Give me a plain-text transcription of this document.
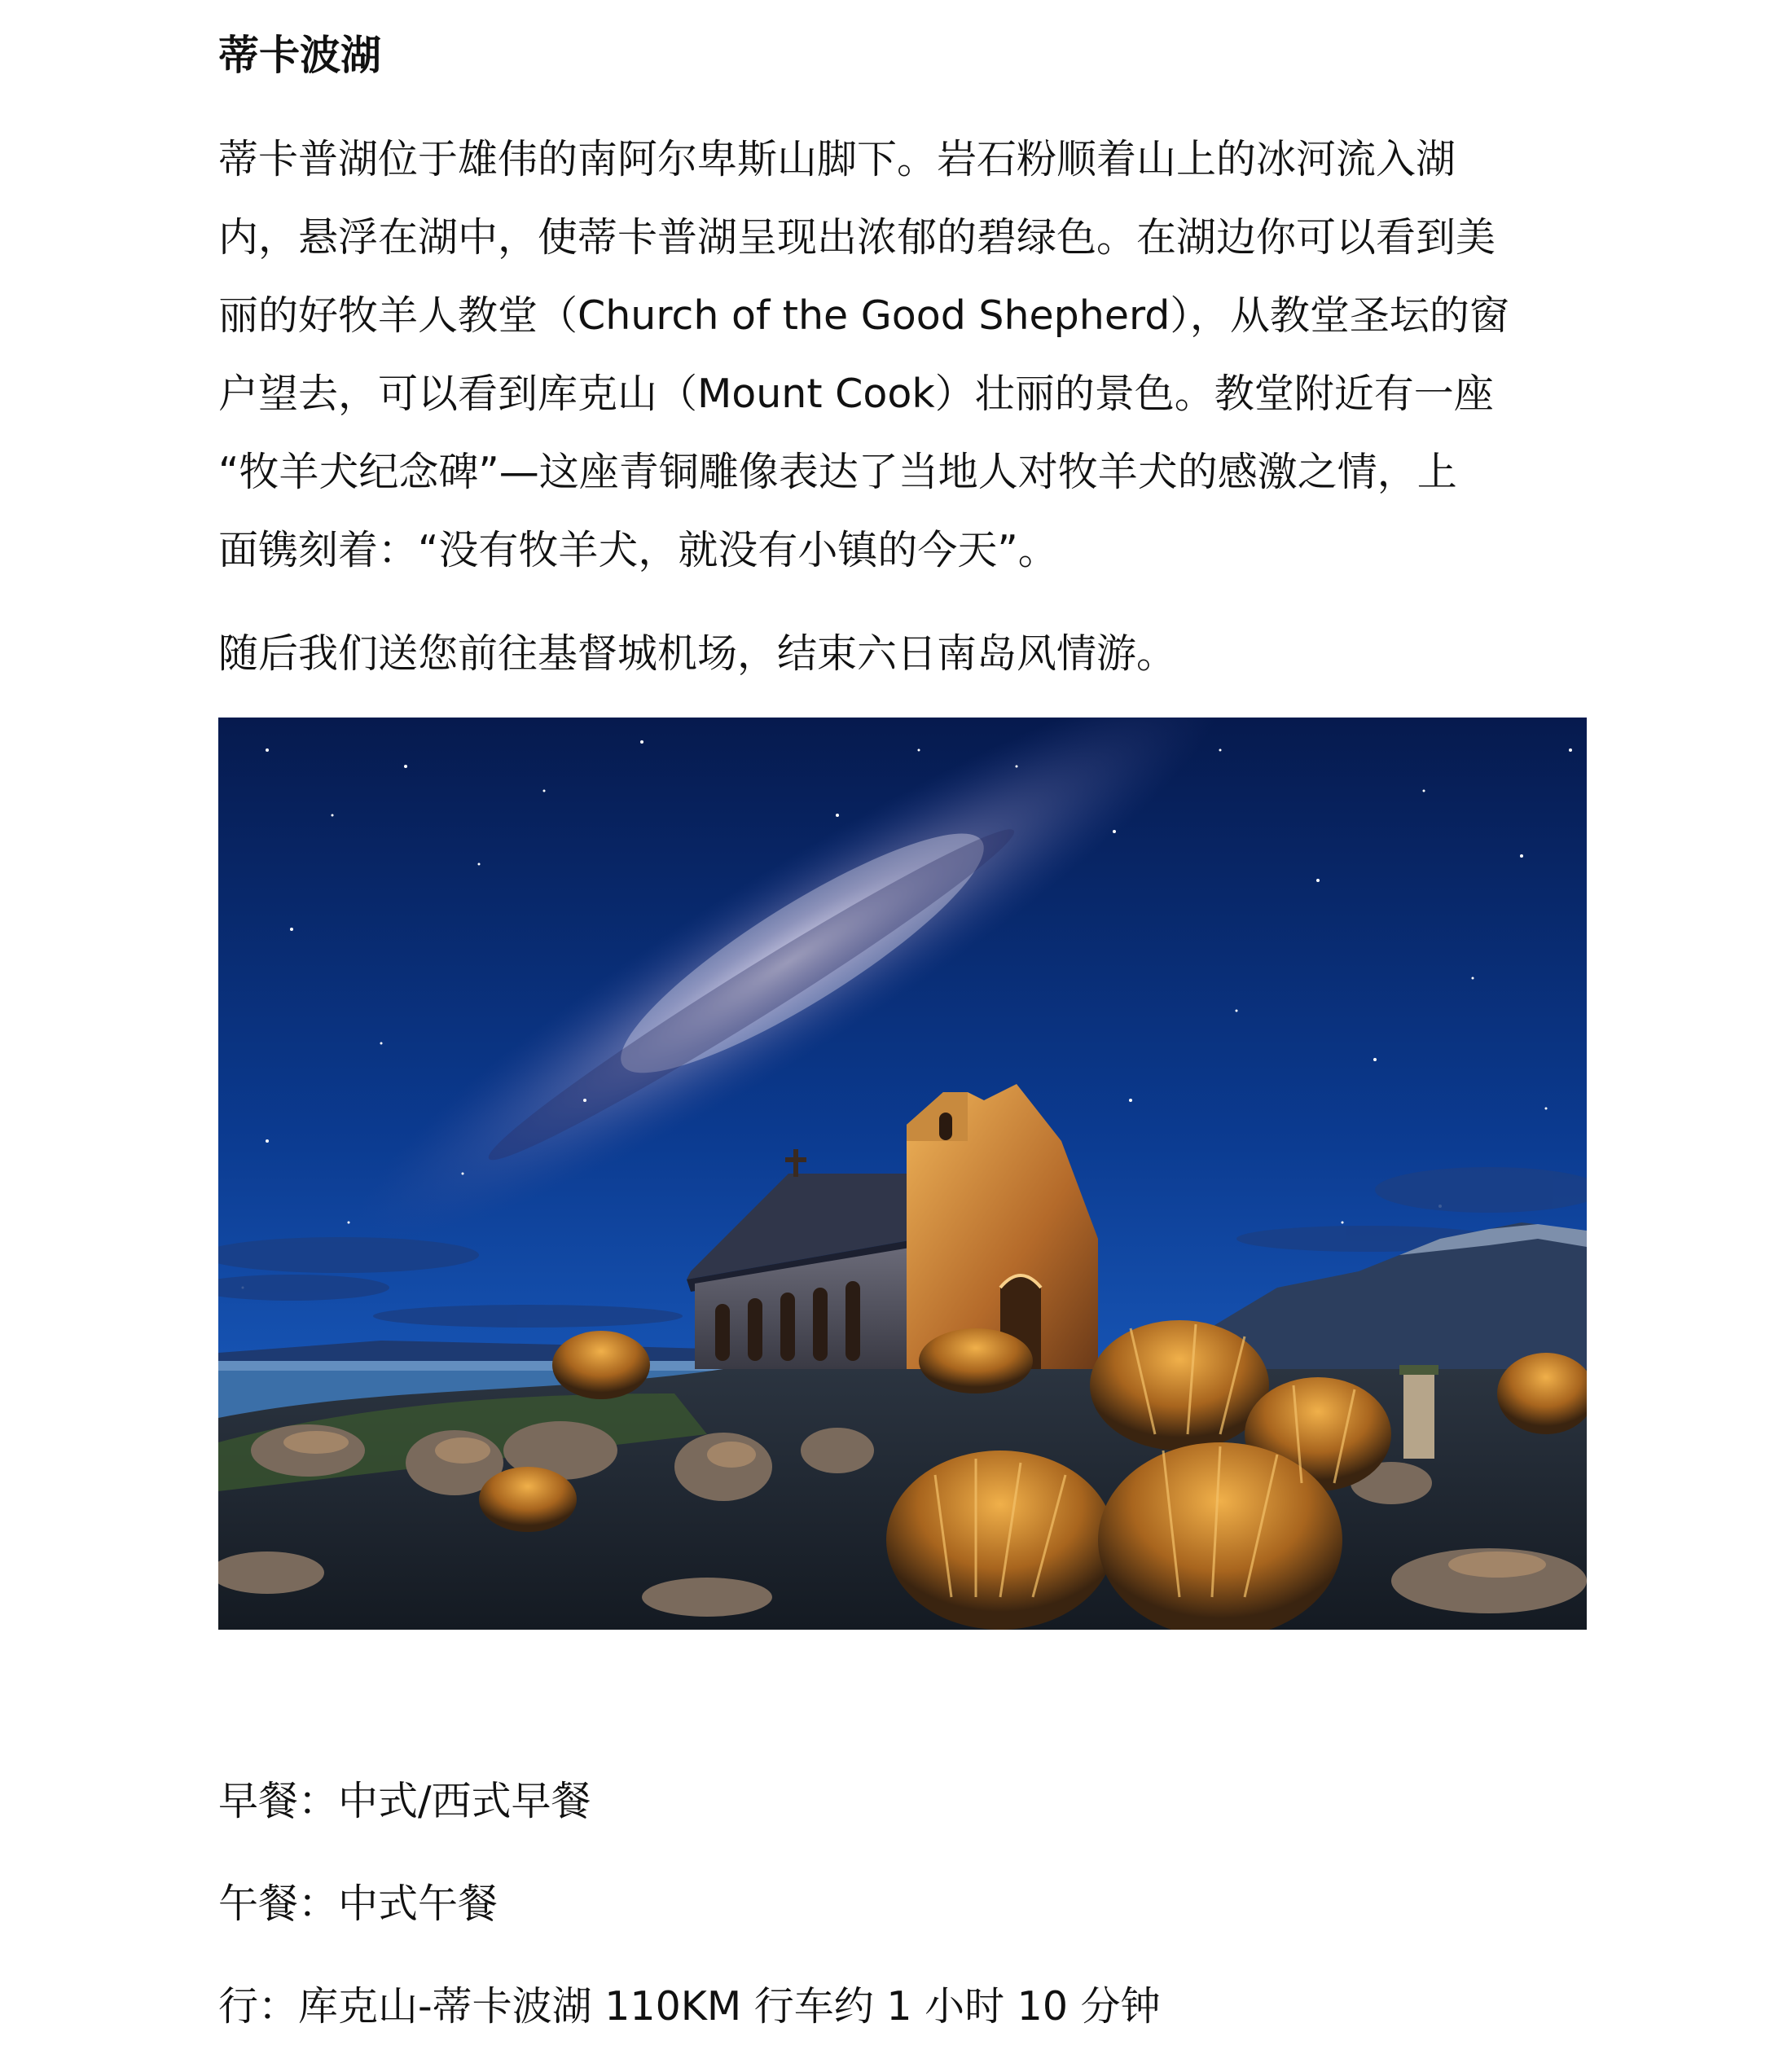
蒂卡波湖

蒂卡普湖位于雄伟的南阿尔卑斯山脚下。岩石粉顺着山上的冰河流入湖
内，悬浮在湖中，使蒂卡普湖呈现出浓郁的碧绿色。在湖边你可以看到美
丽的好牧羊人教堂（Church of the Good Shepherd），从教堂圣坛的窗
户望去，可以看到库克山（Mount Cook）壮丽的景色。教堂附近有一座
“牧羊犬纪念碑”—这座青铜雕像表达了当地人对牧羊犬的感激之情，上
面镌刻着：“没有牧羊犬，就没有小镇的今天”。

随后我们送您前往基督城机场，结束六日南岛风情游。

早餐：中式/西式早餐

午餐：中式午餐

行：库克山-蒂卡波湖 110KM 行车约 1 小时 10 分钟
